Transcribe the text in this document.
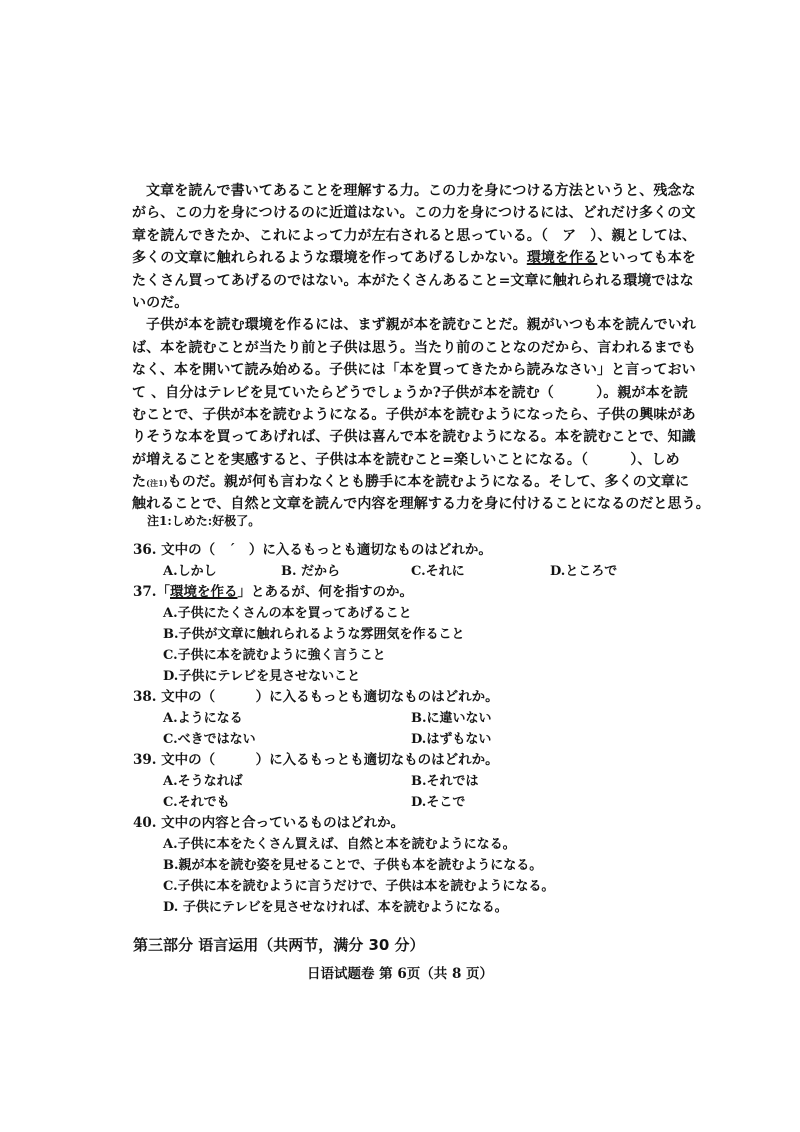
文章を読んで書いてあることを理解する力。この力を身につける方法というと、残念な
がら、この力を身につけるのに近道はない。この力を身につけるには、どれだけ多くの文
章を読んできたか、これによって力が左右されると思っている。（　ア　）、親としては、
多くの文章に触れられるような環境を作ってあげるしかない。環境を作るといっても本を
たくさん買ってあげるのではない。本がたくさんあること=文章に触れられる環境ではな
いのだ。
子供が本を読む環境を作るには、まず親が本を読むことだ。親がいつも本を読んでいれ
ば、本を読むことが当たり前と子供は思う。当たり前のことなのだから、言われるまでも
なく、本を開いて読み始める。子供には「本を買ってきたから読みなさい」と言っておい
て 、自分はテレビを見ていたらどうでしょうか?子供が本を読む（　　　）。親が本を読
むことで、子供が本を読むようになる。子供が本を読むようになったら、子供の興味があ
りそうな本を買ってあげれば、子供は喜んで本を読むようになる。本を読むことで、知識
が増えることを実感すると、子供は本を読むこと=楽しいことになる。（　　　）、しめ
た(注1)ものだ。親が何も言わなくとも勝手に本を読むようになる。そして、多くの文章に
触れることで、自然と文章を読んで内容を理解する力を身に付けることになるのだと思う。
注1:しめた:好极了。
36. 文中の（　ˊ　）に入るもっとも適切なものはどれか。
A.しかし	B. だから	C.それに	D.ところで
37.「環境を作る」とあるが、何を指すのか。
A.子供にたくさんの本を買ってあげること
B.子供が文章に触れられるような雰囲気を作ること
C.子供に本を読むように強く言うこと
D.子供にテレビを見させないこと
38. 文中の（　　　）に入るもっとも適切なものはどれか。
A.ようになる	B.に違いない
C.べきではない	D.はずもない
39. 文中の（　　　）に入るもっとも適切なものはどれか。
A.そうなれば	B.それでは
C.それでも	D.そこで
40. 文中の内容と合っているものはどれか。
A.子供に本をたくさん買えば、自然と本を読むようになる。
B.親が本を読む姿を見せることで、子供も本を読むようになる。
C.子供に本を読むように言うだけで、子供は本を読むようになる。
D. 子供にテレビを見させなければ、本を読むようになる。
第三部分 语言运用（共两节，满分 30 分）
日语试题卷 第 6页（共 8 页）
